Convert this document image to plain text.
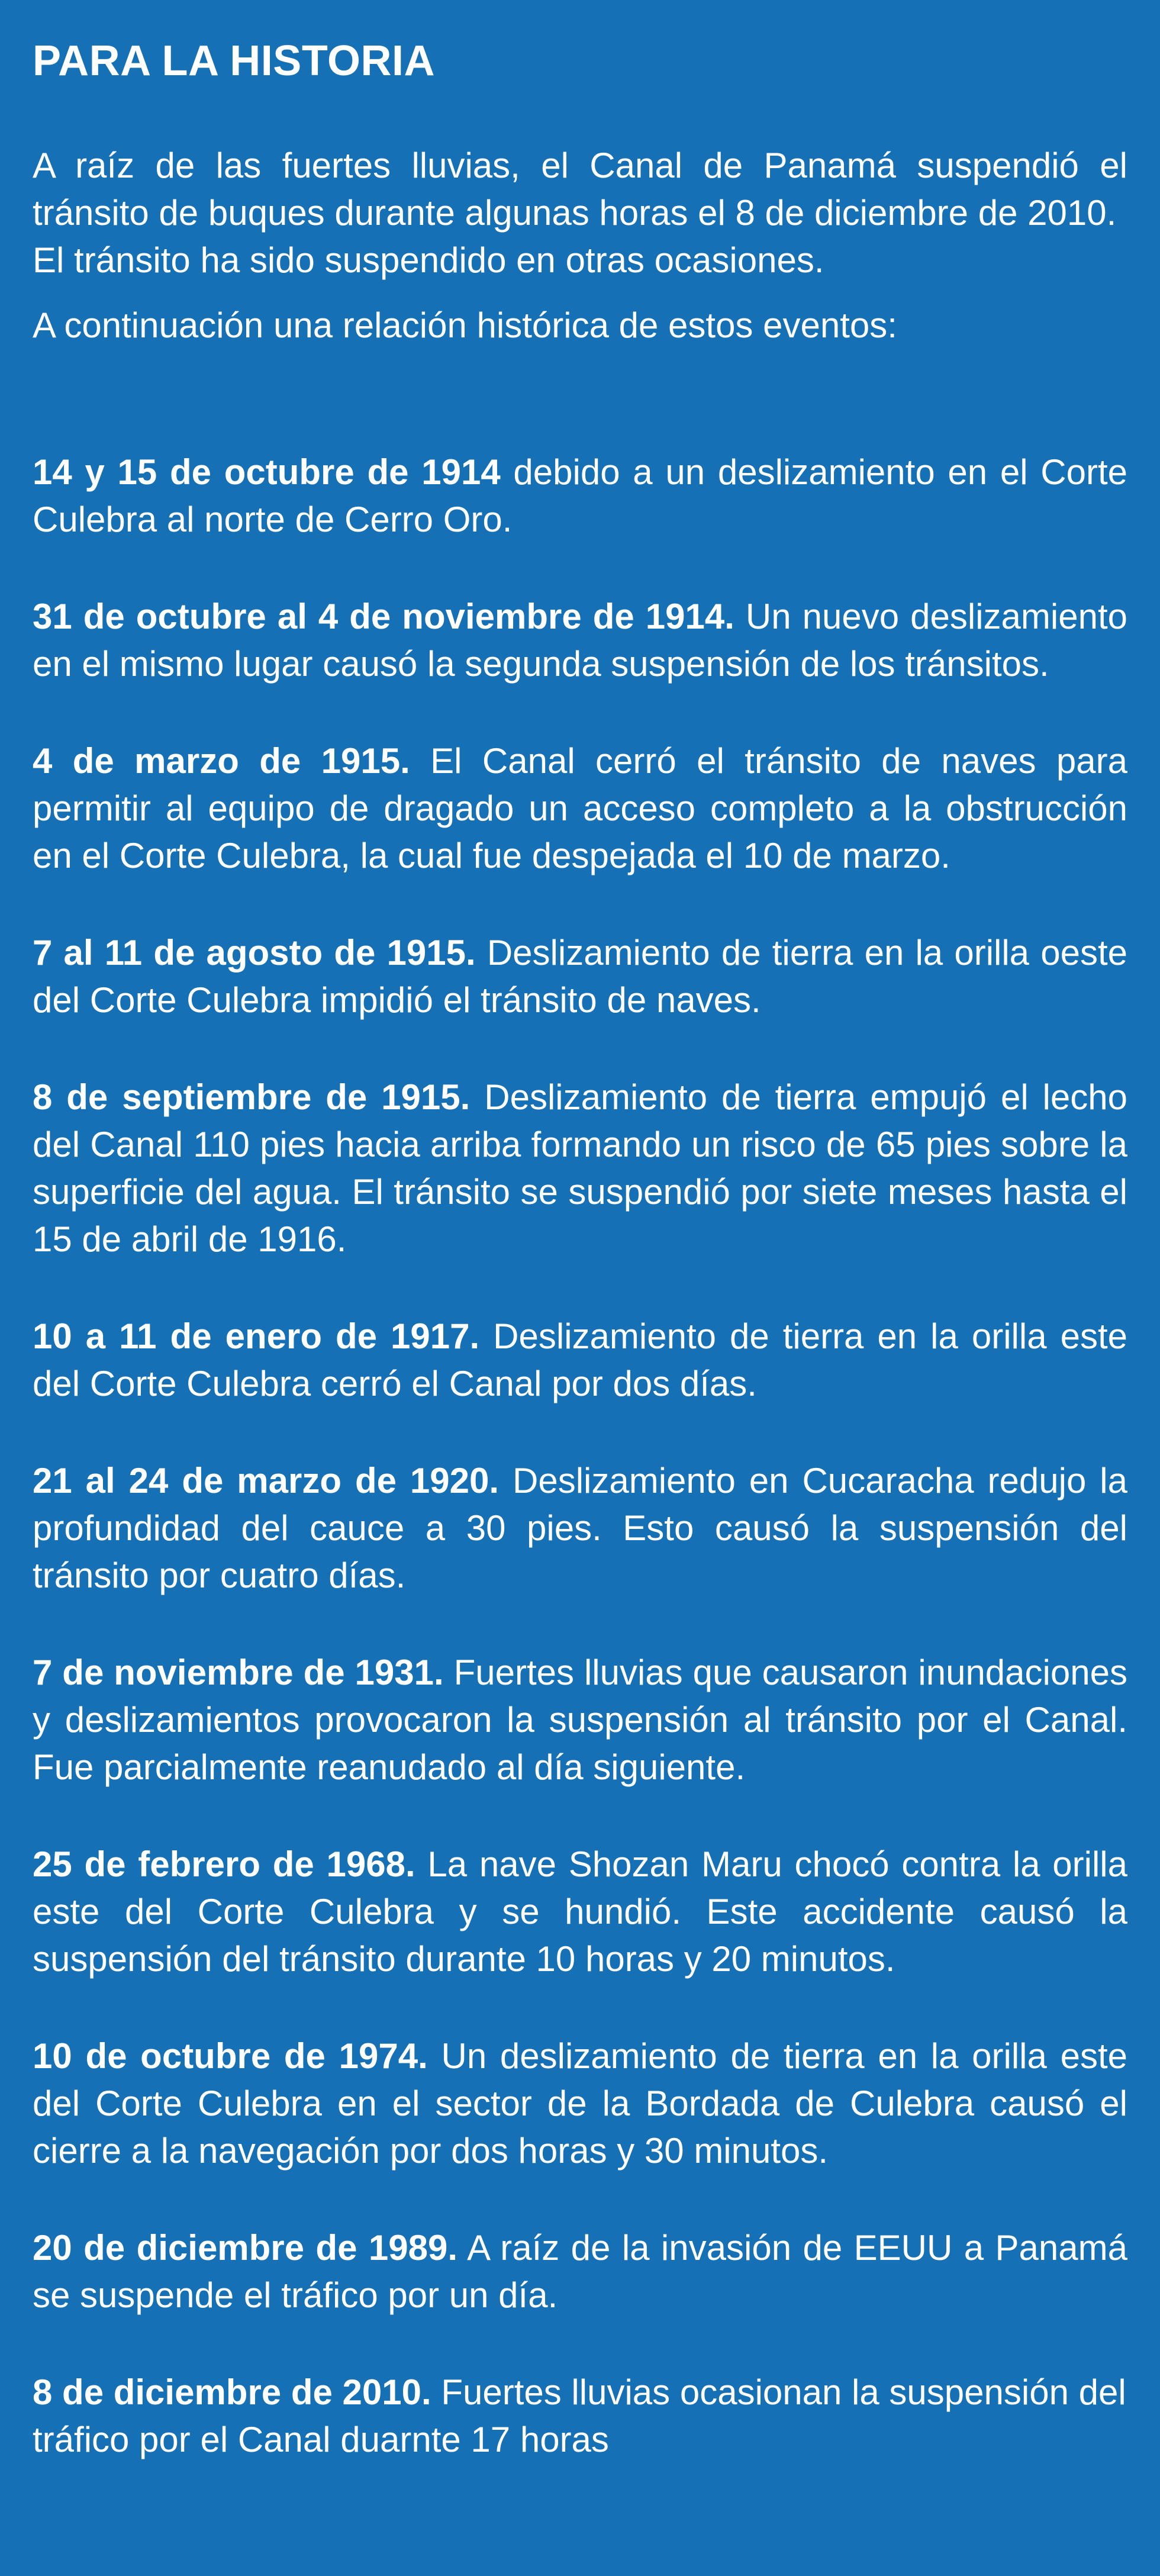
PARA LA HISTORIA

A raíz de las fuertes lluvias, el Canal de Panamá suspendió el tránsito de buques durante algunas horas el 8 de diciembre de 2010.

El tránsito ha sido suspendido en otras ocasiones.

A continuación una relación histórica de estos eventos:

14 y 15 de octubre de 1914 debido a un deslizamiento en el Corte Culebra al norte de Cerro Oro.

31 de octubre al 4 de noviembre de 1914. Un nuevo deslizamiento en el mismo lugar causó la segunda suspensión de los tránsitos.

4 de marzo de 1915. El Canal cerró el tránsito de naves para permitir al equipo de dragado un acceso completo a la obstrucción en el Corte Culebra, la cual fue despejada el 10 de marzo.

7 al 11 de agosto de 1915. Deslizamiento de tierra en la orilla oeste del Corte Culebra impidió el tránsito de naves.

8 de septiembre de 1915. Deslizamiento de tierra empujó el lecho del Canal 110 pies hacia arriba formando un risco de 65 pies sobre la superficie del agua. El tránsito se suspendió por siete meses hasta el 15 de abril de 1916.

10 a 11 de enero de 1917. Deslizamiento de tierra en la orilla este del Corte Culebra cerró el Canal por dos días.

21 al 24 de marzo de 1920. Deslizamiento en Cucaracha redujo la profundidad del cauce a 30 pies. Esto causó la suspensión del tránsito por cuatro días.

7 de noviembre de 1931. Fuertes lluvias que causaron inundaciones y deslizamientos provocaron la suspensión al tránsito por el Canal. Fue parcialmente reanudado al día siguiente.

25 de febrero de 1968. La nave Shozan Maru chocó contra la orilla este del Corte Culebra y se hundió. Este accidente causó la suspensión del tránsito durante 10 horas y 20 minutos.

10 de octubre de 1974. Un deslizamiento de tierra en la orilla este del Corte Culebra en el sector de la Bordada de Culebra causó el cierre a la navegación por dos horas y 30 minutos.

20 de diciembre de 1989. A raíz de la invasión de EEUU a Panamá se suspende el tráfico por un día.

8 de diciembre de 2010. Fuertes lluvias ocasionan la suspensión del tráfico por el Canal duarnte 17 horas
